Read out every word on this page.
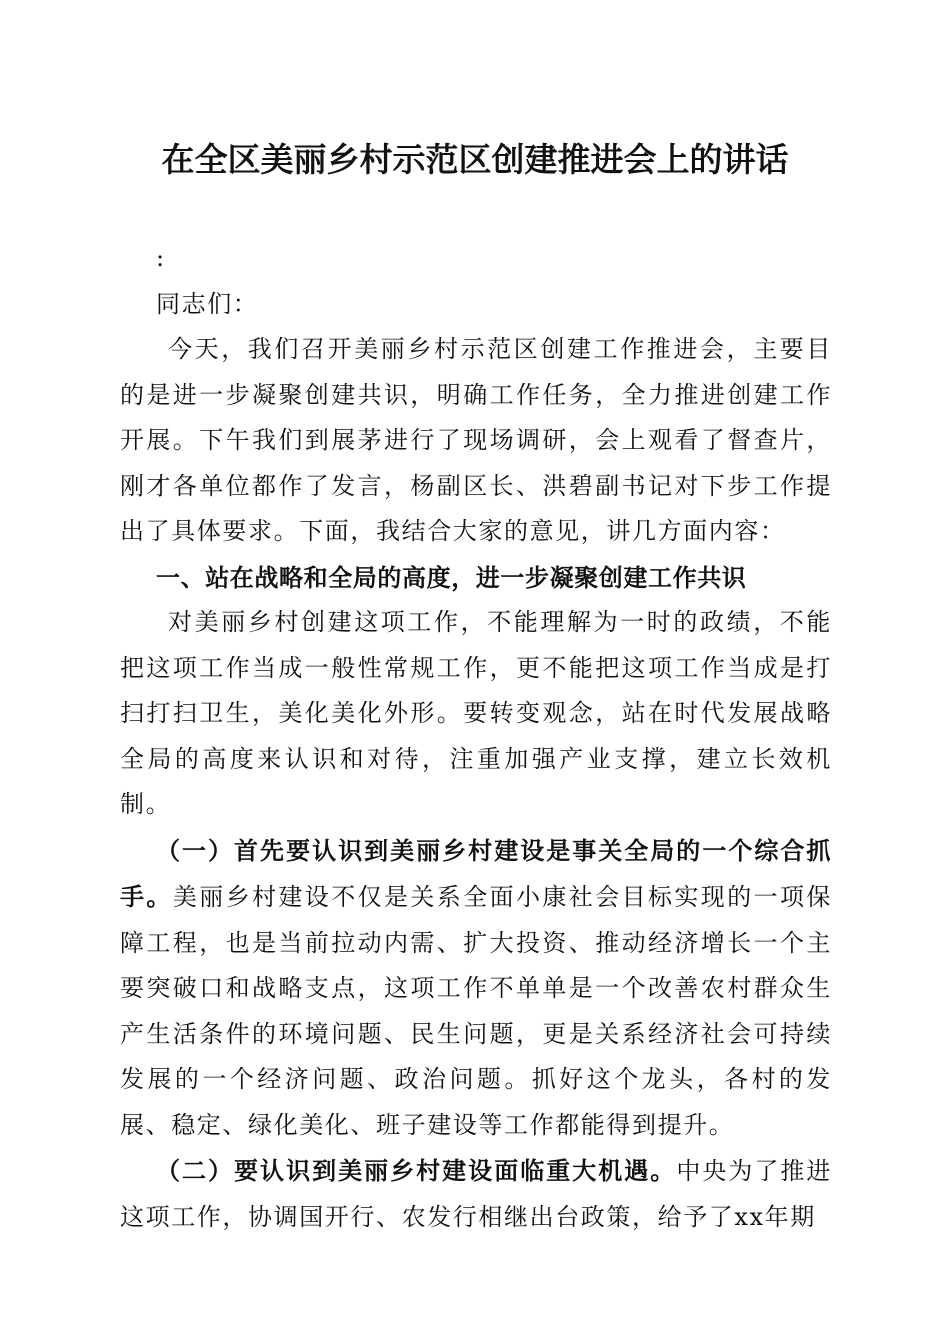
在全区美丽乡村示范区创建推进会上的讲话

:

同志们：

今天，我们召开美丽乡村示范区创建工作推进会，主要目的是进一步凝聚创建共识，明确工作任务，全力推进创建工作开展。下午我们到展茅进行了现场调研，会上观看了督查片，刚才各单位都作了发言，杨副区长、洪碧副书记对下步工作提出了具体要求。下面，我结合大家的意见，讲几方面内容：

一、站在战略和全局的高度，进一步凝聚创建工作共识

对美丽乡村创建这项工作，不能理解为一时的政绩，不能把这项工作当成一般性常规工作，更不能把这项工作当成是打扫打扫卫生，美化美化外形。要转变观念，站在时代发展战略全局的高度来认识和对待，注重加强产业支撑，建立长效机制。

（一）首先要认识到美丽乡村建设是事关全局的一个综合抓手。美丽乡村建设不仅是关系全面小康社会目标实现的一项保障工程，也是当前拉动内需、扩大投资、推动经济增长一个主要突破口和战略支点，这项工作不单单是一个改善农村群众生产生活条件的环境问题、民生问题，更是关系经济社会可持续发展的一个经济问题、政治问题。抓好这个龙头，各村的发展、稳定、绿化美化、班子建设等工作都能得到提升。

（二）要认识到美丽乡村建设面临重大机遇。中央为了推进这项工作，协调国开行、农发行相继出台政策，给予了xx年期
